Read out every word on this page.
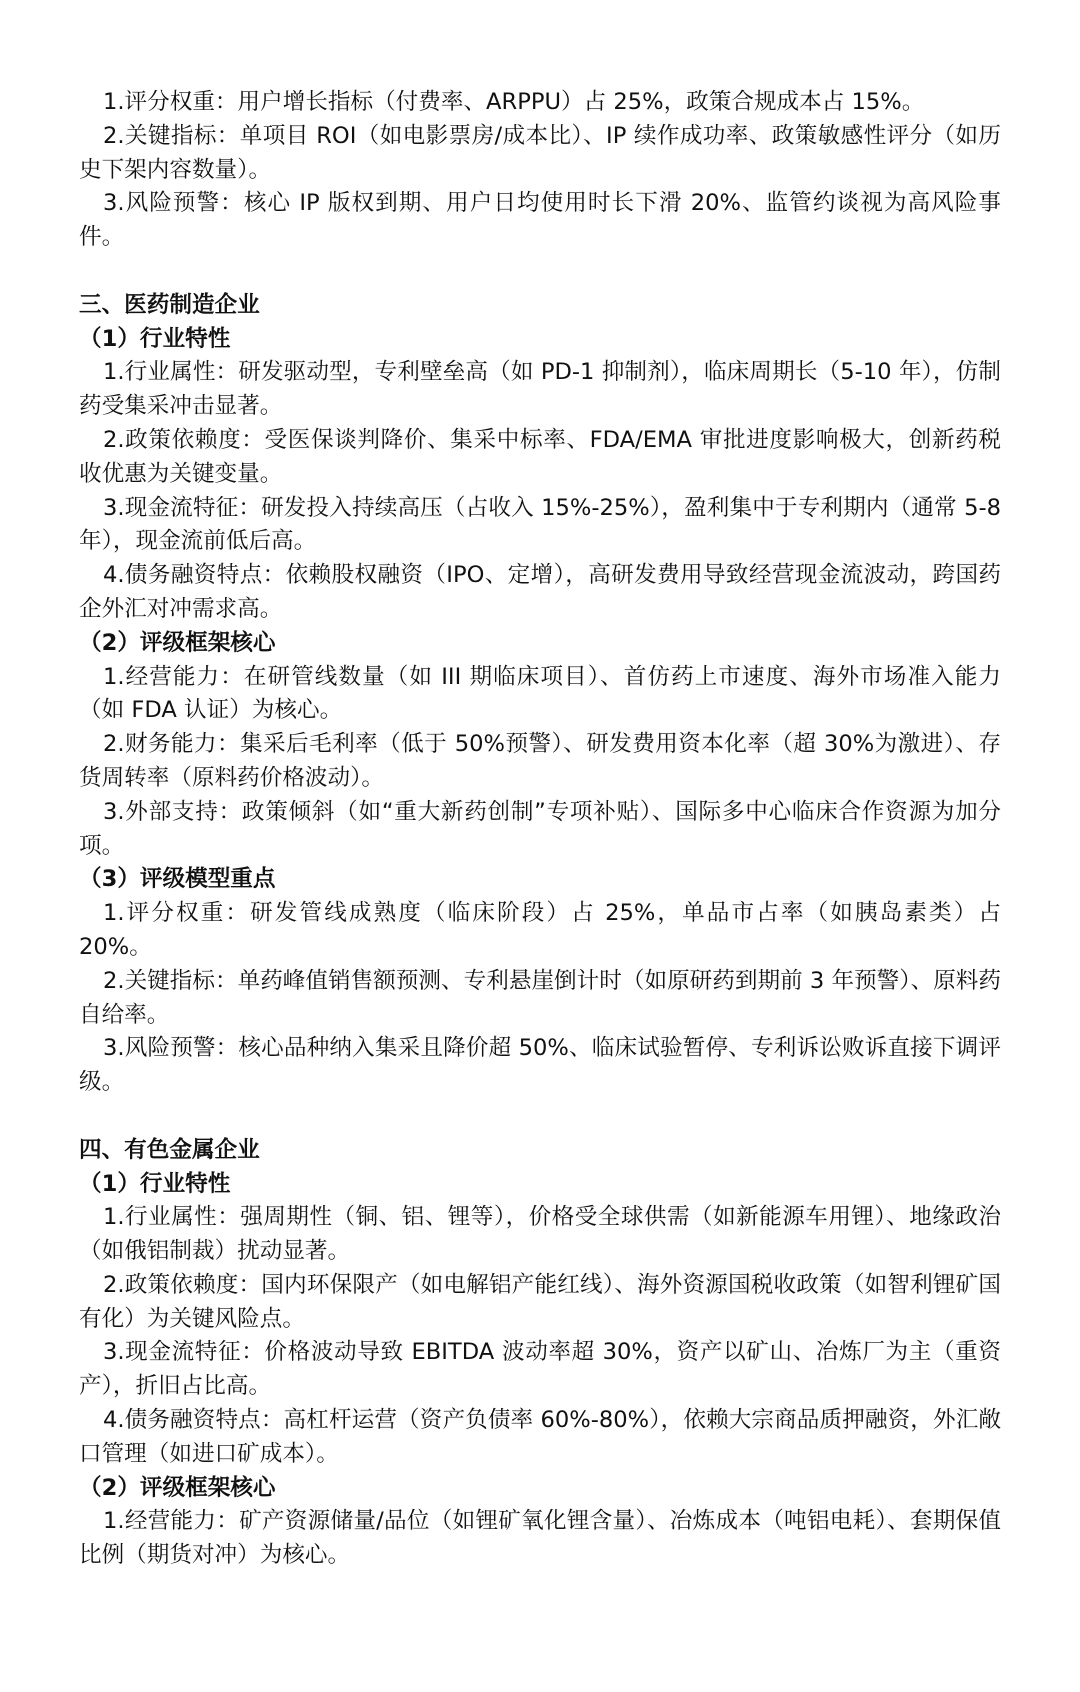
1.评分权重：用户增长指标（付费率、ARPPU）占 25%，政策合规成本占 15%。
2.关键指标：单项目 ROI（如电影票房/成本比）、IP 续作成功率、政策敏感性评分（如历史下架内容数量）。
3.风险预警：核心 IP 版权到期、用户日均使用时长下滑 20%、监管约谈视为高风险事件。
三、医药制造企业
（1）行业特性
1.行业属性：研发驱动型，专利壁垒高（如 PD-1 抑制剂），临床周期长（5-10 年），仿制药受集采冲击显著。
2.政策依赖度：受医保谈判降价、集采中标率、FDA/EMA 审批进度影响极大，创新药税收优惠为关键变量。
3.现金流特征：研发投入持续高压（占收入 15%-25%），盈利集中于专利期内（通常 5-8 年），现金流前低后高。
4.债务融资特点：依赖股权融资（IPO、定增），高研发费用导致经营现金流波动，跨国药企外汇对冲需求高。
（2）评级框架核心
1.经营能力：在研管线数量（如 III 期临床项目）、首仿药上市速度、海外市场准入能力（如 FDA 认证）为核心。
2.财务能力：集采后毛利率（低于 50%预警）、研发费用资本化率（超 30%为激进）、存货周转率（原料药价格波动）。
3.外部支持：政策倾斜（如“重大新药创制”专项补贴）、国际多中心临床合作资源为加分项。
（3）评级模型重点
1.评分权重：研发管线成熟度（临床阶段）占 25%，单品市占率（如胰岛素类）占 20%。
2.关键指标：单药峰值销售额预测、专利悬崖倒计时（如原研药到期前 3 年预警）、原料药自给率。
3.风险预警：核心品种纳入集采且降价超 50%、临床试验暂停、专利诉讼败诉直接下调评级。
四、有色金属企业
（1）行业特性
1.行业属性：强周期性（铜、铝、锂等），价格受全球供需（如新能源车用锂）、地缘政治（如俄铝制裁）扰动显著。
2.政策依赖度：国内环保限产（如电解铝产能红线）、海外资源国税收政策（如智利锂矿国有化）为关键风险点。
3.现金流特征：价格波动导致 EBITDA 波动率超 30%，资产以矿山、冶炼厂为主（重资产），折旧占比高。
4.债务融资特点：高杠杆运营（资产负债率 60%-80%），依赖大宗商品质押融资，外汇敞口管理（如进口矿成本）。
（2）评级框架核心
1.经营能力：矿产资源储量/品位（如锂矿氧化锂含量）、冶炼成本（吨铝电耗）、套期保值比例（期货对冲）为核心。
